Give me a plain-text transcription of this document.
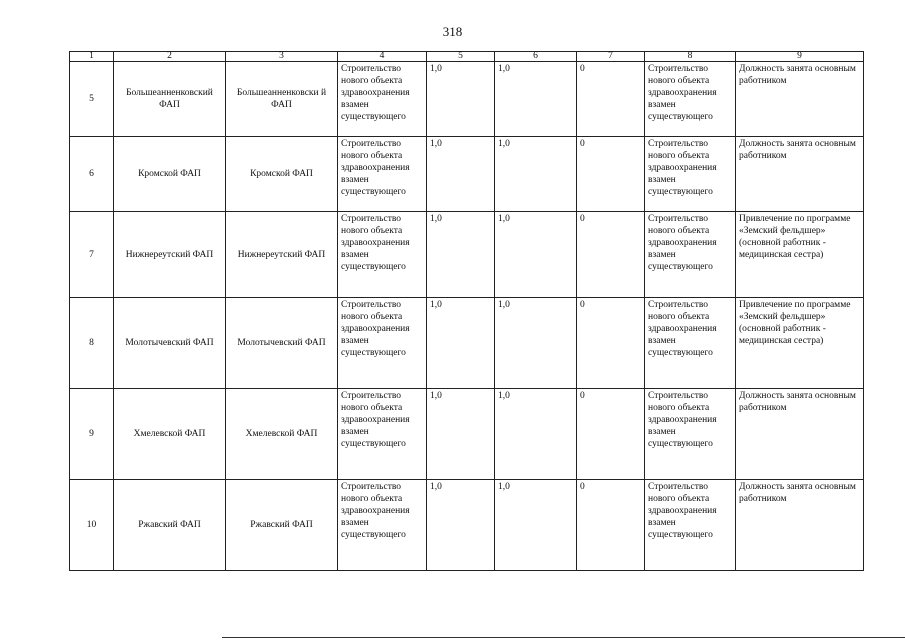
318
1	2	3	4	5	6	7	8	9
5	Большеанненковский ФАП	Большеанненковски й ФАП	Строительство нового объекта здравоохранения взамен существующего	1,0	1,0	0	Строительство нового объекта здравоохранения взамен существующего	Должность занята основным работником
6	Кромской ФАП	Кромской ФАП	Строительство нового объекта здравоохранения взамен существующего	1,0	1,0	0	Строительство нового объекта здравоохранения взамен существующего	Должность занята основным работником
7	Нижнереутский ФАП	Нижнереутский ФАП	Строительство нового объекта здравоохранения взамен существующего	1,0	1,0	0	Строительство нового объекта здравоохранения взамен существующего	Привлечение по программе «Земский фельдшер» (основной работник - медицинская сестра)
8	Молотычевский ФАП	Молотычевский ФАП	Строительство нового объекта здравоохранения взамен существующего	1,0	1,0	0	Строительство нового объекта здравоохранения взамен существующего	Привлечение по программе «Земский фельдшер» (основной работник - медицинская сестра)
9	Хмелевской ФАП	Хмелевской ФАП	Строительство нового объекта здравоохранения взамен существующего	1,0	1,0	0	Строительство нового объекта здравоохранения взамен существующего	Должность занята основным работником
10	Ржавский ФАП	Ржавский ФАП	Строительство нового объекта здравоохранения взамен существующего	1,0	1,0	0	Строительство нового объекта здравоохранения взамен существующего	Должность занята основным работником
